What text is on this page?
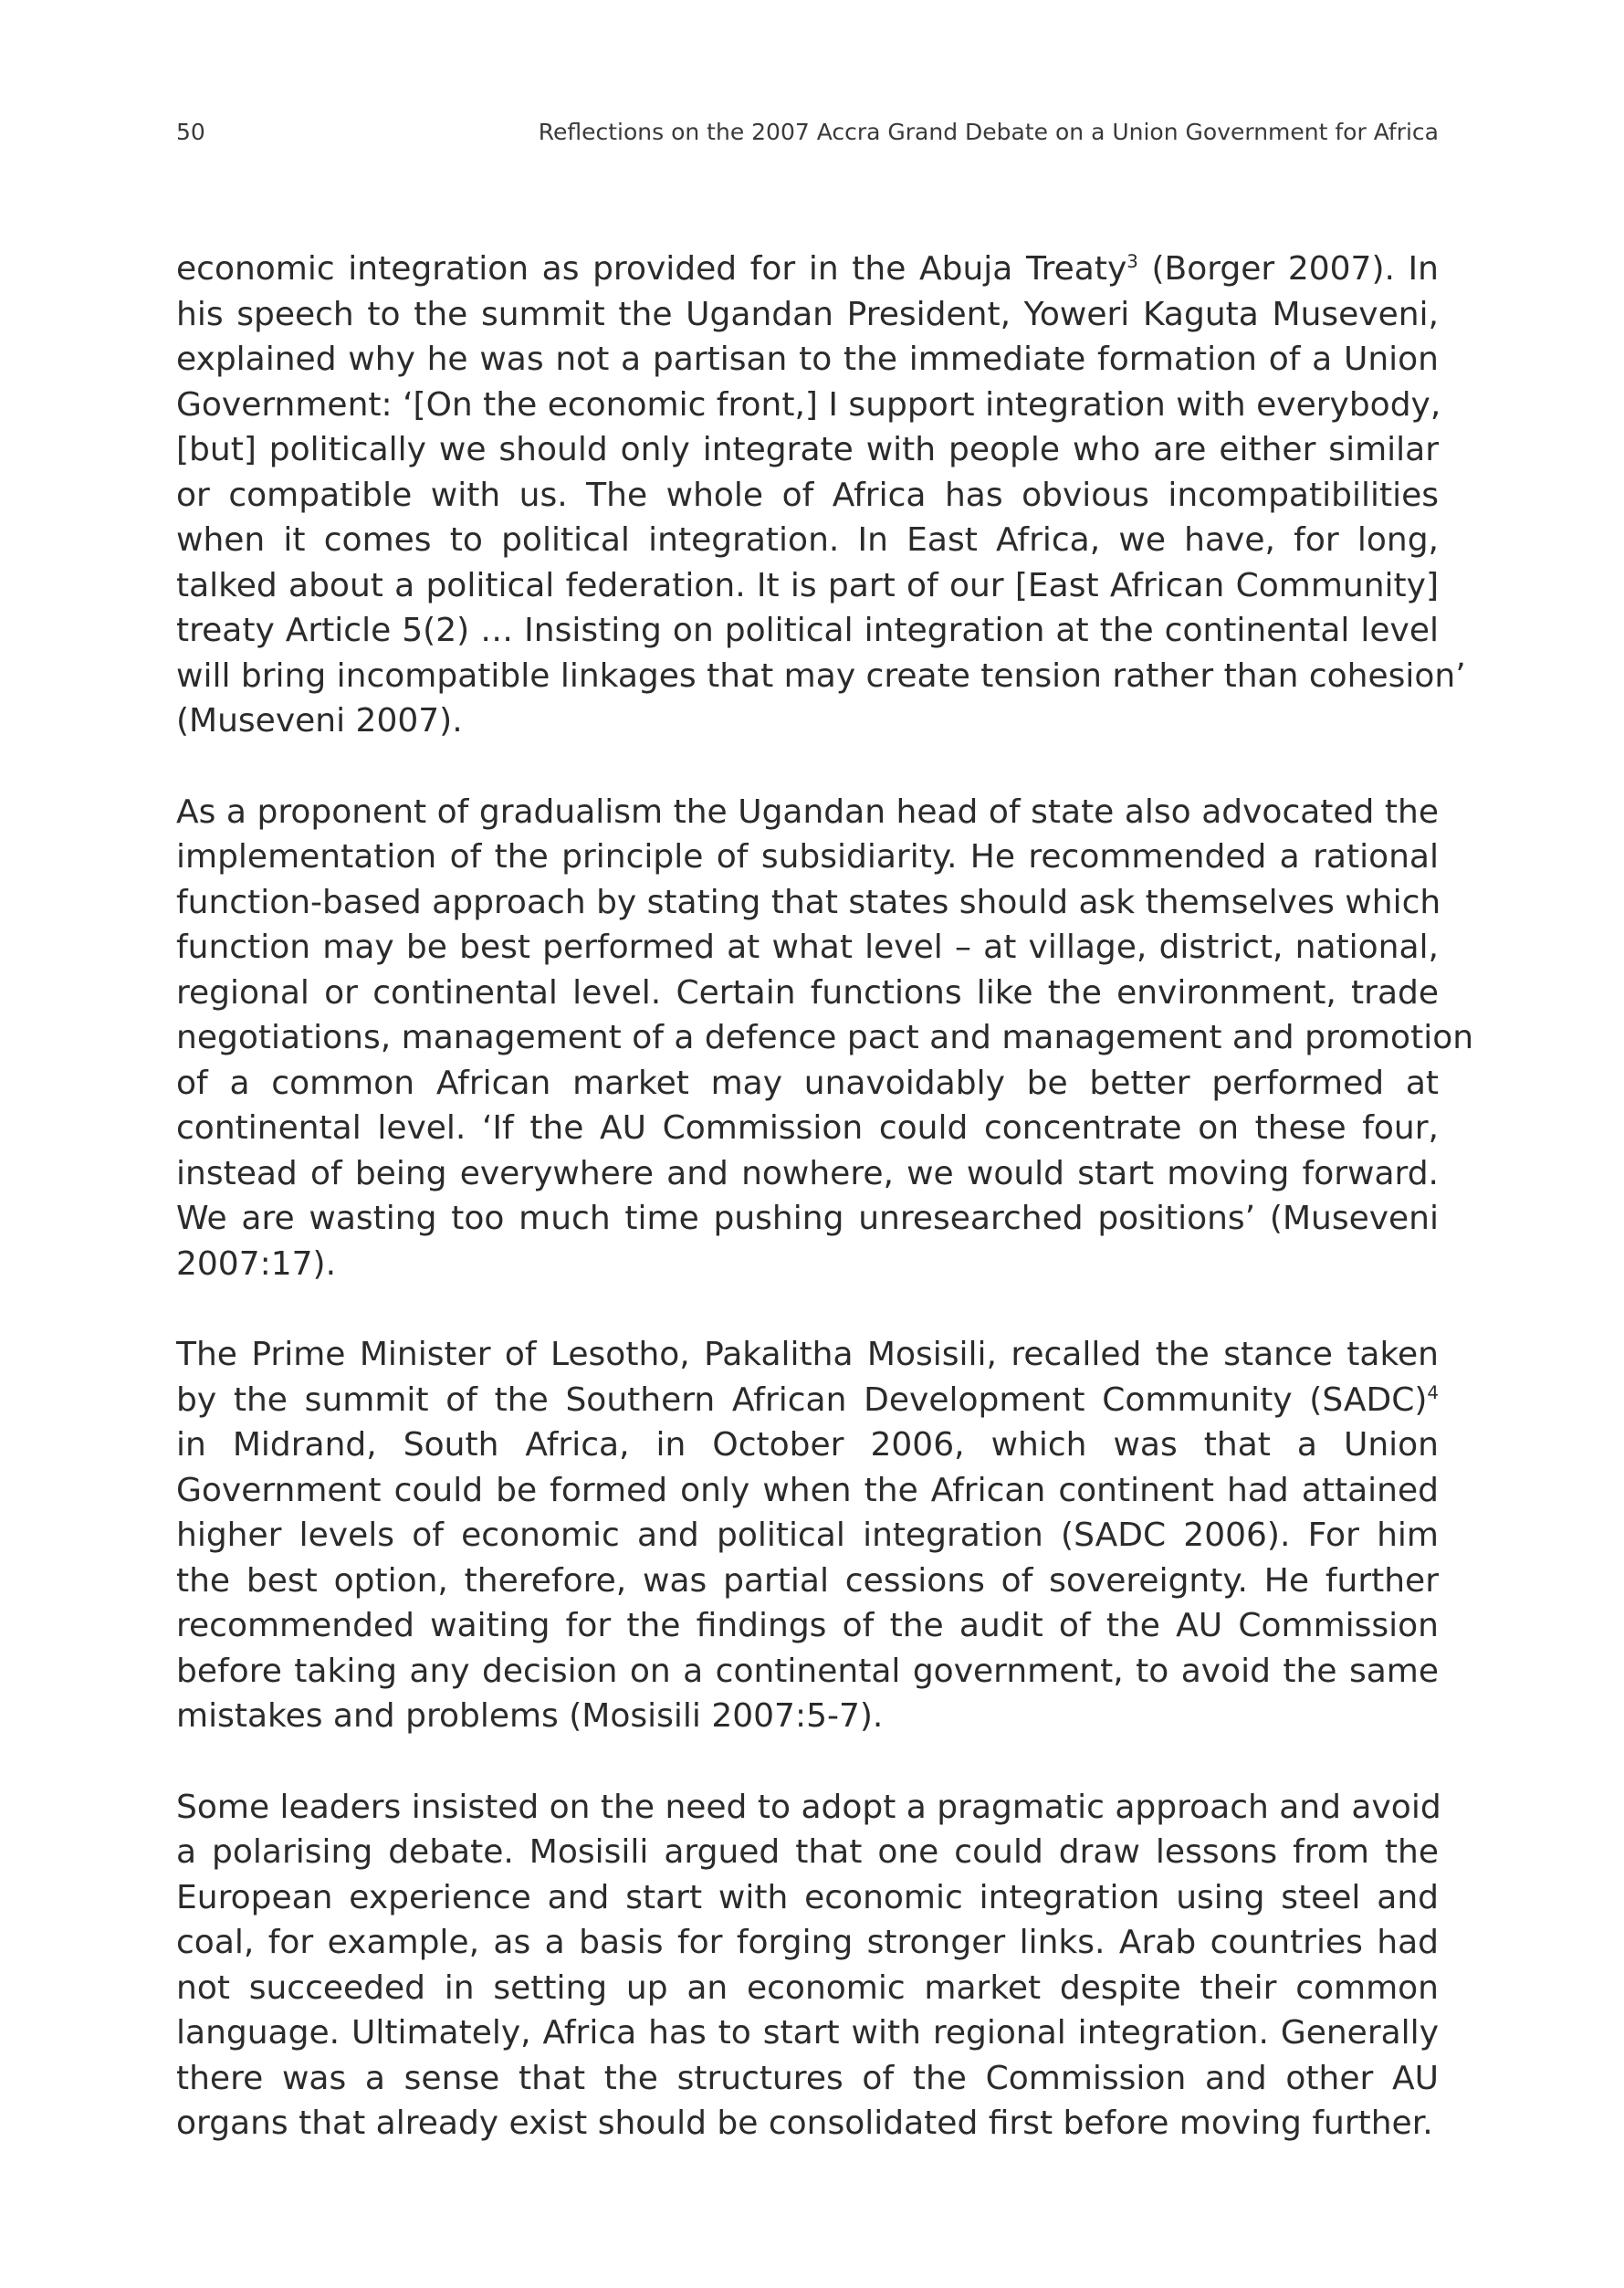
50	Reflections on the 2007 Accra Grand Debate on a Union Government for Africa

economic integration as provided for in the Abuja Treaty$^3$ (Borger 2007). In
his speech to the summit the Ugandan President, Yoweri Kaguta Museveni,
explained why he was not a partisan to the immediate formation of a Union
Government: ‘[On the economic front,] I support integration with everybody,
[but] politically we should only integrate with people who are either similar
or compatible with us. The whole of Africa has obvious incompatibilities
when it comes to political integration. In East Africa, we have, for long,
talked about a political federation. It is part of our [East African Community]
treaty Article 5(2) … Insisting on political integration at the continental level
will bring incompatible linkages that may create tension rather than cohesion’
(Museveni 2007).

As a proponent of gradualism the Ugandan head of state also advocated the
implementation of the principle of subsidiarity. He recommended a rational
function-based approach by stating that states should ask themselves which
function may be best performed at what level – at village, district, national,
regional or continental level. Certain functions like the environment, trade
negotiations, management of a defence pact and management and promotion
of a common African market may unavoidably be better performed at
continental level. ‘If the AU Commission could concentrate on these four,
instead of being everywhere and nowhere, we would start moving forward.
We are wasting too much time pushing unresearched positions’ (Museveni
2007:17).

The Prime Minister of Lesotho, Pakalitha Mosisili, recalled the stance taken
by the summit of the Southern African Development Community (SADC)$^4$
in Midrand, South Africa, in October 2006, which was that a Union
Government could be formed only when the African continent had attained
higher levels of economic and political integration (SADC 2006). For him
the best option, therefore, was partial cessions of sovereignty. He further
recommended waiting for the findings of the audit of the AU Commission
before taking any decision on a continental government, to avoid the same
mistakes and problems (Mosisili 2007:5-7).

Some leaders insisted on the need to adopt a pragmatic approach and avoid
a polarising debate. Mosisili argued that one could draw lessons from the
European experience and start with economic integration using steel and
coal, for example, as a basis for forging stronger links. Arab countries had
not succeeded in setting up an economic market despite their common
language. Ultimately, Africa has to start with regional integration. Generally
there was a sense that the structures of the Commission and other AU
organs that already exist should be consolidated first before moving further.
